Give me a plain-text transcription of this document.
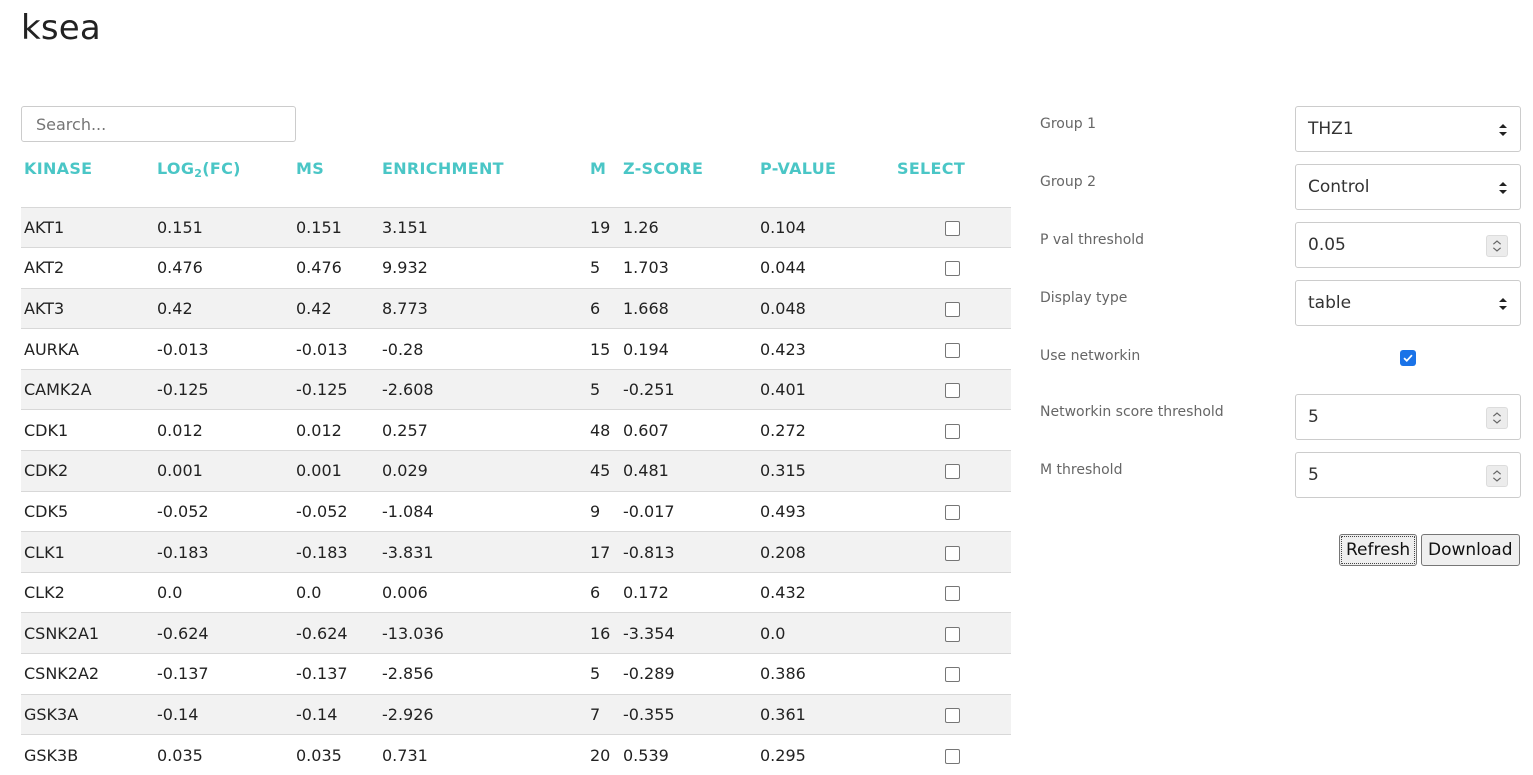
ksea
Search...
KINASE	$LOG_2(FC)$	MS	ENRICHMENT	M	Z-SCORE	P-VALUE	SELECT
AKT1	0.151	0.151	3.151	19	1.26	0.104	
AKT2	0.476	0.476	9.932	5	1.703	0.044	
AKT3	0.42	0.42	8.773	6	1.668	0.048	
AURKA	-0.013	-0.013	-0.28	15	0.194	0.423	
CAMK2A	-0.125	-0.125	-2.608	5	-0.251	0.401	
CDK1	0.012	0.012	0.257	48	0.607	0.272	
CDK2	0.001	0.001	0.029	45	0.481	0.315	
CDK5	-0.052	-0.052	-1.084	9	-0.017	0.493	
CLK1	-0.183	-0.183	-3.831	17	-0.813	0.208	
CLK2	0.0	0.0	0.006	6	0.172	0.432	
CSNK2A1	-0.624	-0.624	-13.036	16	-3.354	0.0	
CSNK2A2	-0.137	-0.137	-2.856	5	-0.289	0.386	
GSK3A	-0.14	-0.14	-2.926	7	-0.355	0.361	
GSK3B	0.035	0.035	0.731	20	0.539	0.295	
Group 1	THZ1
Group 2	Control
P val threshold	0.05
Display type	table
Use networkin
Networkin score threshold	5
M threshold	5
Refresh	Download
